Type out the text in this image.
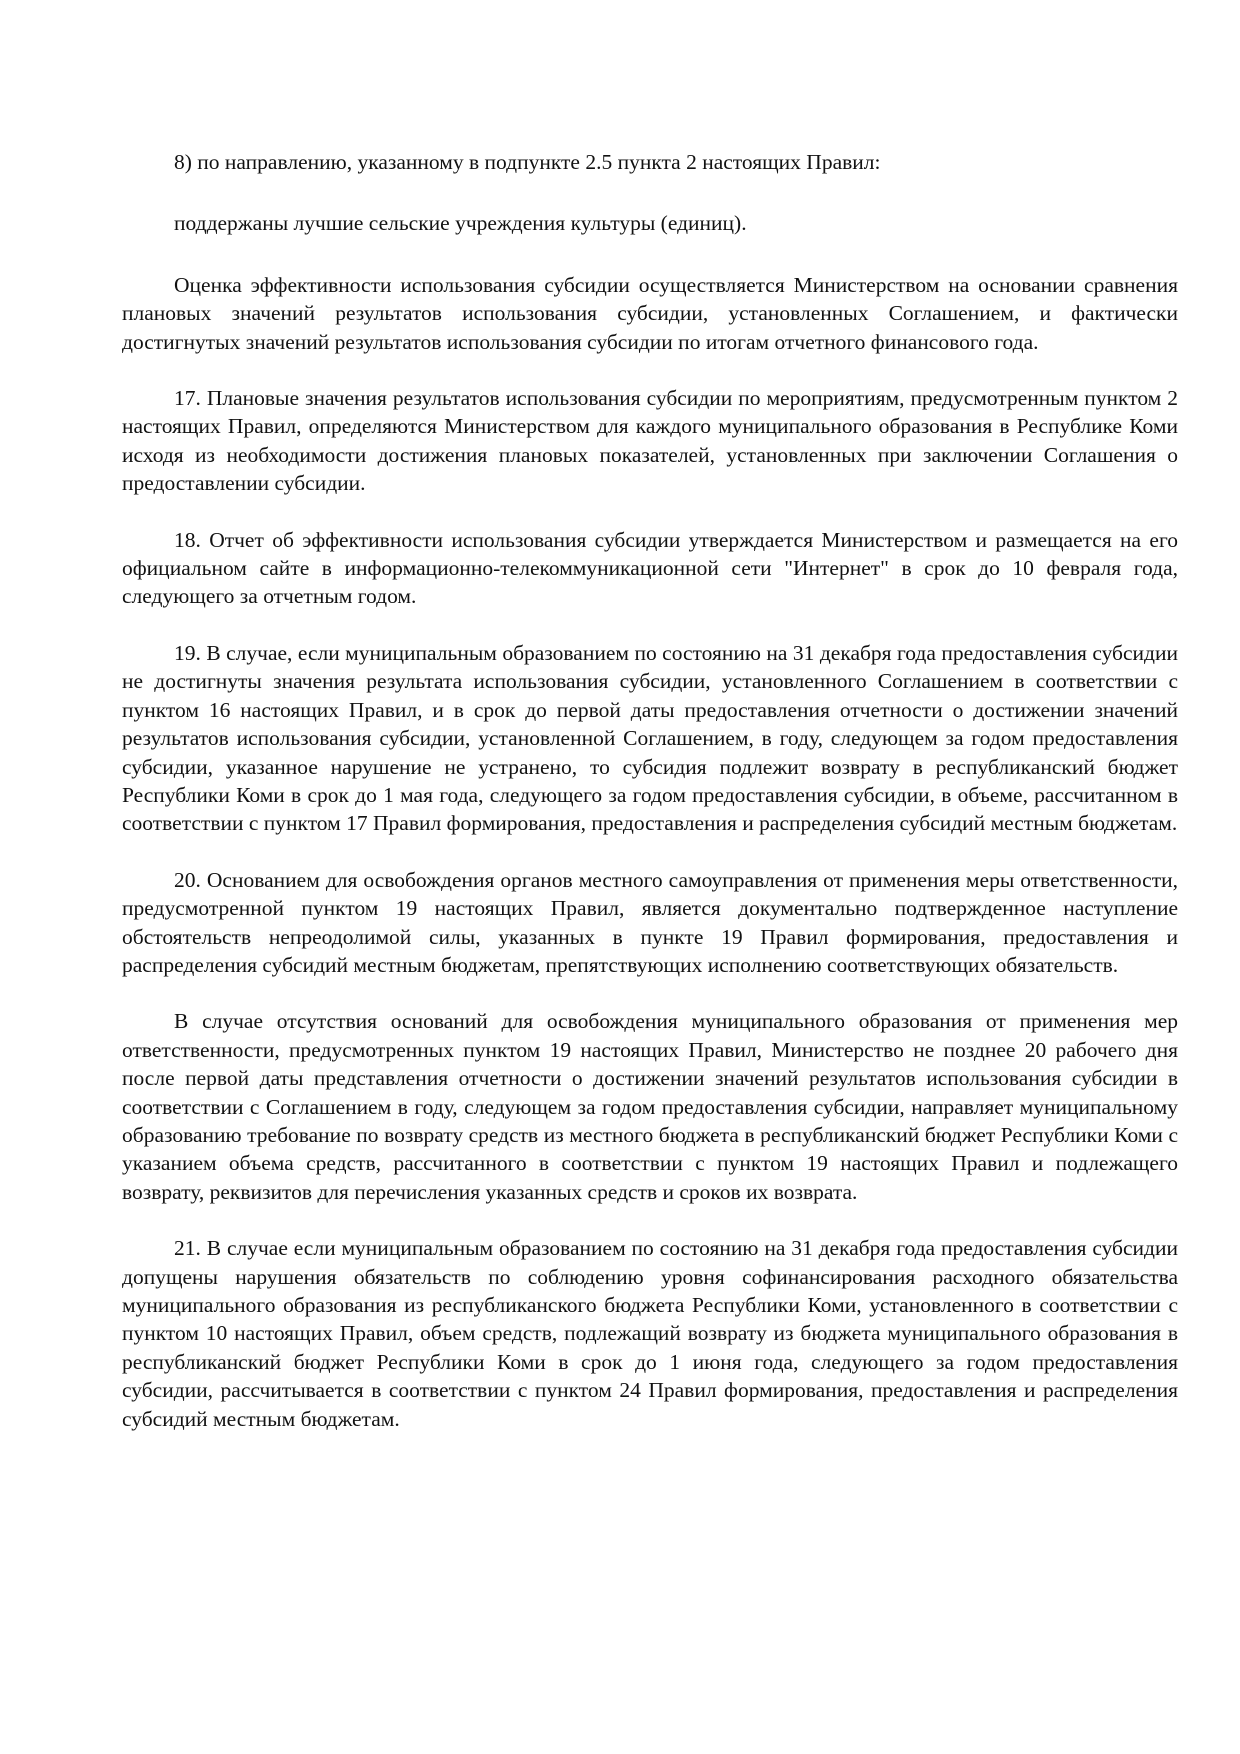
8) по направлению, указанному в подпункте 2.5 пункта 2 настоящих Правил:

поддержаны лучшие сельские учреждения культуры (единиц).

Оценка эффективности использования субсидии осуществляется Министерством на основании сравнения плановых значений результатов использования субсидии, установленных Соглашением, и фактически достигнутых значений результатов использования субсидии по итогам отчетного финансового года.

17. Плановые значения результатов использования субсидии по мероприятиям, предусмотренным пунктом 2 настоящих Правил, определяются Министерством для каждого муниципального образования в Республике Коми исходя из необходимости достижения плановых показателей, установленных при заключении Соглашения о предоставлении субсидии.

18. Отчет об эффективности использования субсидии утверждается Министерством и размещается на его официальном сайте в информационно-телекоммуникационной сети "Интернет" в срок до 10 февраля года, следующего за отчетным годом.

19. В случае, если муниципальным образованием по состоянию на 31 декабря года предоставления субсидии не достигнуты значения результата использования субсидии, установленного Соглашением в соответствии с пунктом 16 настоящих Правил, и в срок до первой даты предоставления отчетности о достижении значений результатов использования субсидии, установленной Соглашением, в году, следующем за годом предоставления субсидии, указанное нарушение не устранено, то субсидия подлежит возврату в республиканский бюджет Республики Коми в срок до 1 мая года, следующего за годом предоставления субсидии, в объеме, рассчитанном в соответствии с пунктом 17 Правил формирования, предоставления и распределения субсидий местным бюджетам.

20. Основанием для освобождения органов местного самоуправления от применения меры ответственности, предусмотренной пунктом 19 настоящих Правил, является документально подтвержденное наступление обстоятельств непреодолимой силы, указанных в пункте 19 Правил формирования, предоставления и распределения субсидий местным бюджетам, препятствующих исполнению соответствующих обязательств.

В случае отсутствия оснований для освобождения муниципального образования от применения мер ответственности, предусмотренных пунктом 19 настоящих Правил, Министерство не позднее 20 рабочего дня после первой даты представления отчетности о достижении значений результатов использования субсидии в соответствии с Соглашением в году, следующем за годом предоставления субсидии, направляет муниципальному образованию требование по возврату средств из местного бюджета в республиканский бюджет Республики Коми с указанием объема средств, рассчитанного в соответствии с пунктом 19 настоящих Правил и подлежащего возврату, реквизитов для перечисления указанных средств и сроков их возврата.

21. В случае если муниципальным образованием по состоянию на 31 декабря года предоставления субсидии допущены нарушения обязательств по соблюдению уровня софинансирования расходного обязательства муниципального образования из республиканского бюджета Республики Коми, установленного в соответствии с пунктом 10 настоящих Правил, объем средств, подлежащий возврату из бюджета муниципального образования в республиканский бюджет Республики Коми в срок до 1 июня года, следующего за годом предоставления субсидии, рассчитывается в соответствии с пунктом 24 Правил формирования, предоставления и распределения субсидий местным бюджетам.
